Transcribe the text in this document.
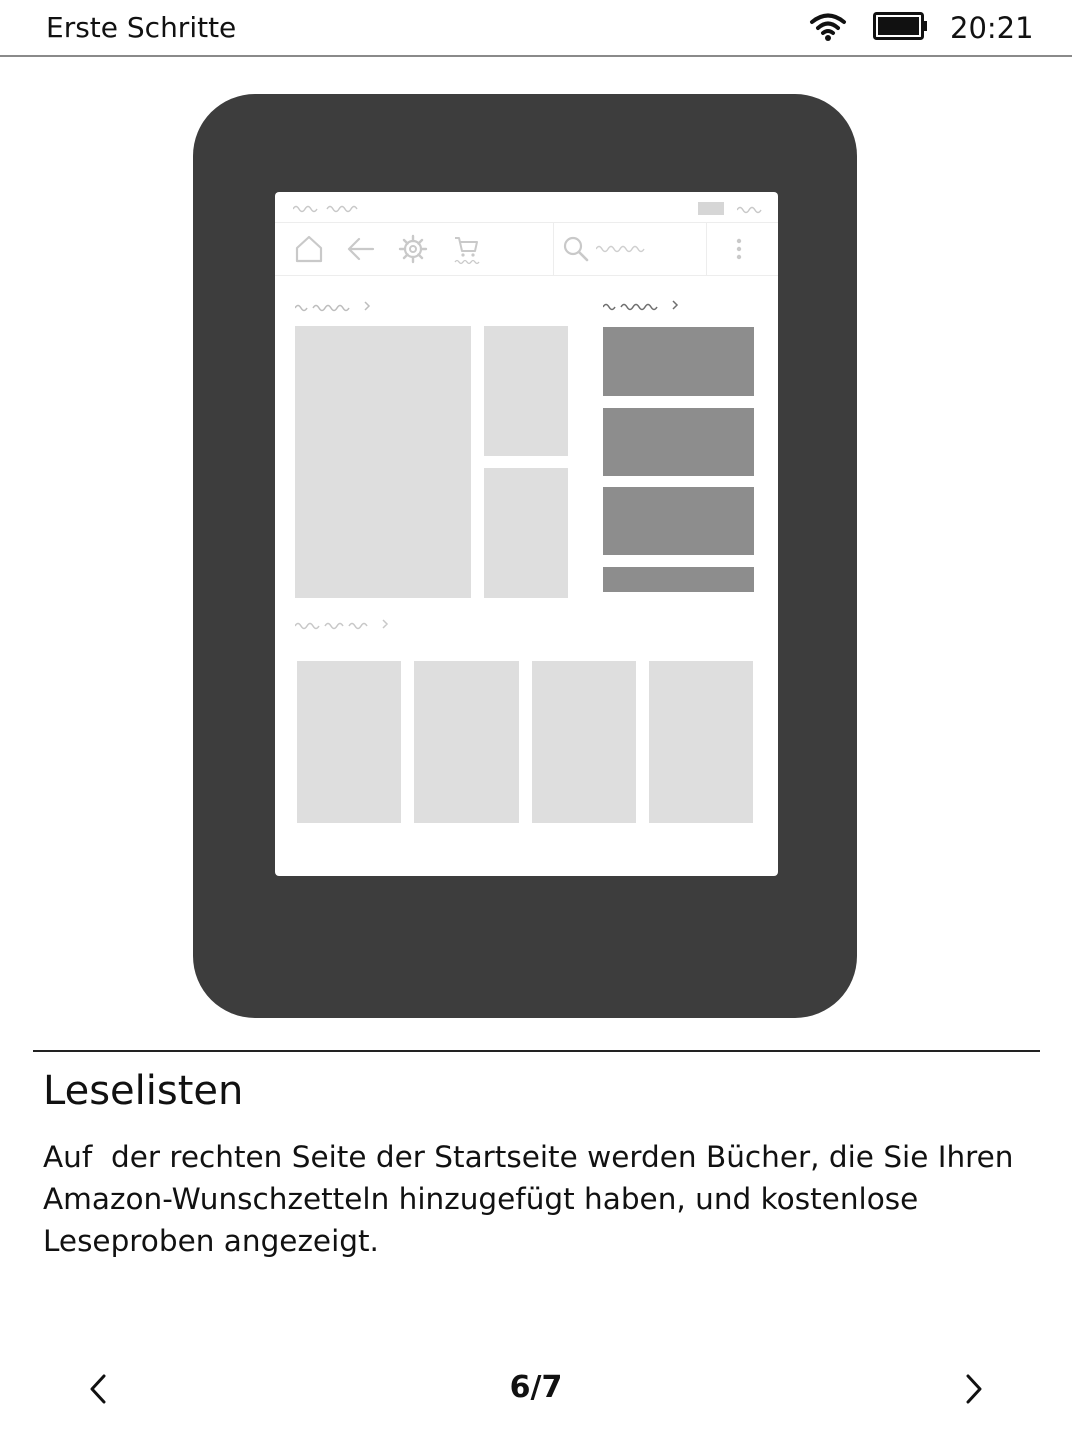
Erste Schritte	20:21
Leselisten

Auf  der rechten Seite der Startseite werden Bücher, die Sie Ihren Amazon-Wunschzetteln hinzugefügt haben, und kostenlose Leseproben angezeigt.

6/7
